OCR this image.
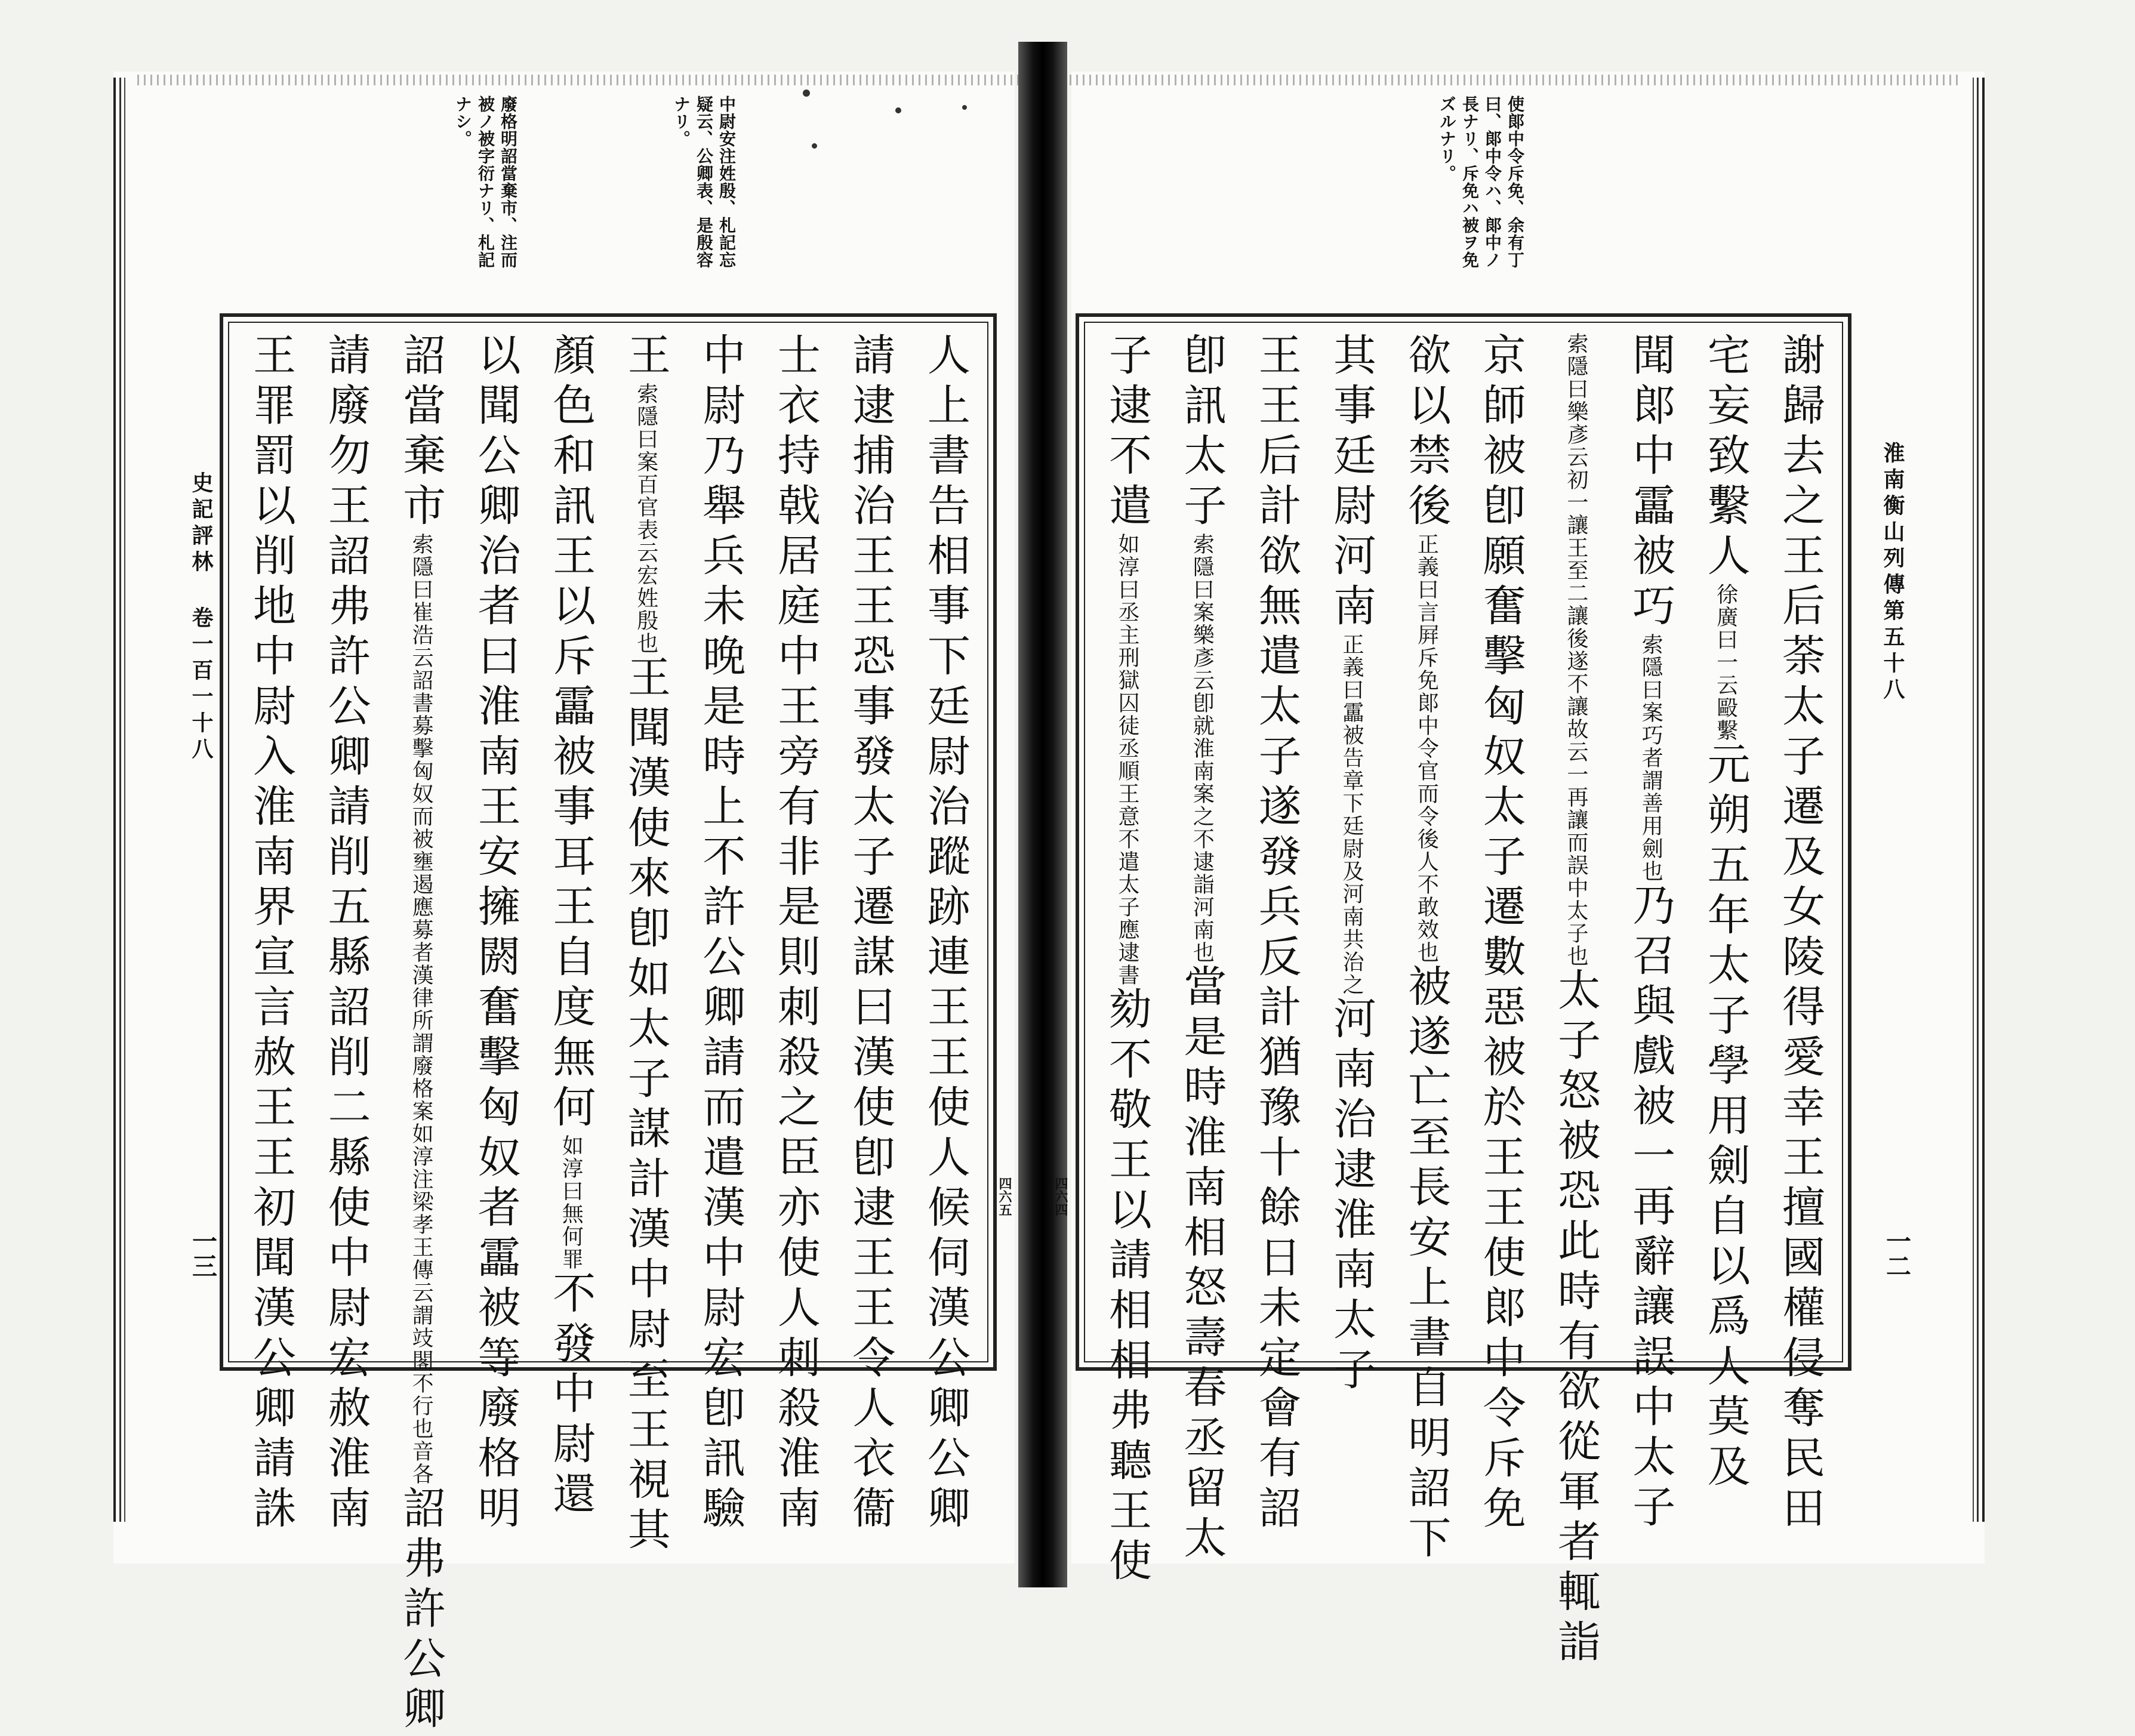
淮南衡山列傳第五十八
一二
四六四
史記評林 卷一百一十八
一三
四六五
使郞中令斥免、余有丁
曰、郞中令ハ、郞中ノ
長ナリ、斥免ハ被ヲ免
ズルナリ。
中尉安注姓殷、札記忘
疑云、公卿表、是殷容
ナリ。
廢格明詔當棄市、注而
被ノ被字衍ナリ、札記
ナシ。
謝歸去之王后荼太子遷及女陵得愛幸王擅國權侵奪民田
宅妄致繫人徐廣曰一云毆繫元朔五年太子學用劍自以爲人莫及
聞郞中靁被巧索隱曰案巧者謂善用劍也乃召與戲被一再辭讓誤中太子
索隱曰樂彥云初一讓王至二讓後遂不讓故云一再讓而誤中太子也太子怒被恐此時有欲從軍者輒詣
京師被卽願奮擊匈奴太子遷數惡被於王王使郞中令斥免
欲以禁後正義曰言屛斥免郞中令官而令後人不敢效也被遂亡至長安上書自明詔下
其事廷尉河南正義曰靁被告章下廷尉及河南共治之河南治逮淮南太子
王王后計欲無遣太子遂發兵反計猶豫十餘日未定會有詔
卽訊太子索隱曰案樂彥云卽就淮南案之不逮詣河南也當是時淮南相怒壽春丞留太
子逮不遣如淳曰丞主刑獄囚徒丞順王意不遣太子應逮書劾不敬王以請相相弗聽王使
人上書告相事下廷尉治蹤跡連王王使人候伺漢公卿公卿
請逮捕治王王恐事發太子遷謀曰漢使卽逮王王令人衣衞
士衣持戟居庭中王旁有非是則刺殺之臣亦使人刺殺淮南
中尉乃舉兵未晚是時上不許公卿請而遣漢中尉宏卽訊驗
王索隱曰案百官表云宏姓殷也王聞漢使來卽如太子謀計漢中尉至王視其
顏色和訊王以斥靁被事耳王自度無何如淳曰無何罪不發中尉還
以聞公卿治者曰淮南王安擁閼奮擊匈奴者靁被等廢格明
詔當棄市索隱曰崔浩云詔書募擊匈奴而被壅遏應募者漢律所謂廢格案如淳注梁孝王傳云謂攱閣不行也音各詔弗許公卿
請廢勿王詔弗許公卿請削五縣詔削二縣使中尉宏赦淮南
王罪罰以削地中尉入淮南界宣言赦王王初聞漢公卿請誅
